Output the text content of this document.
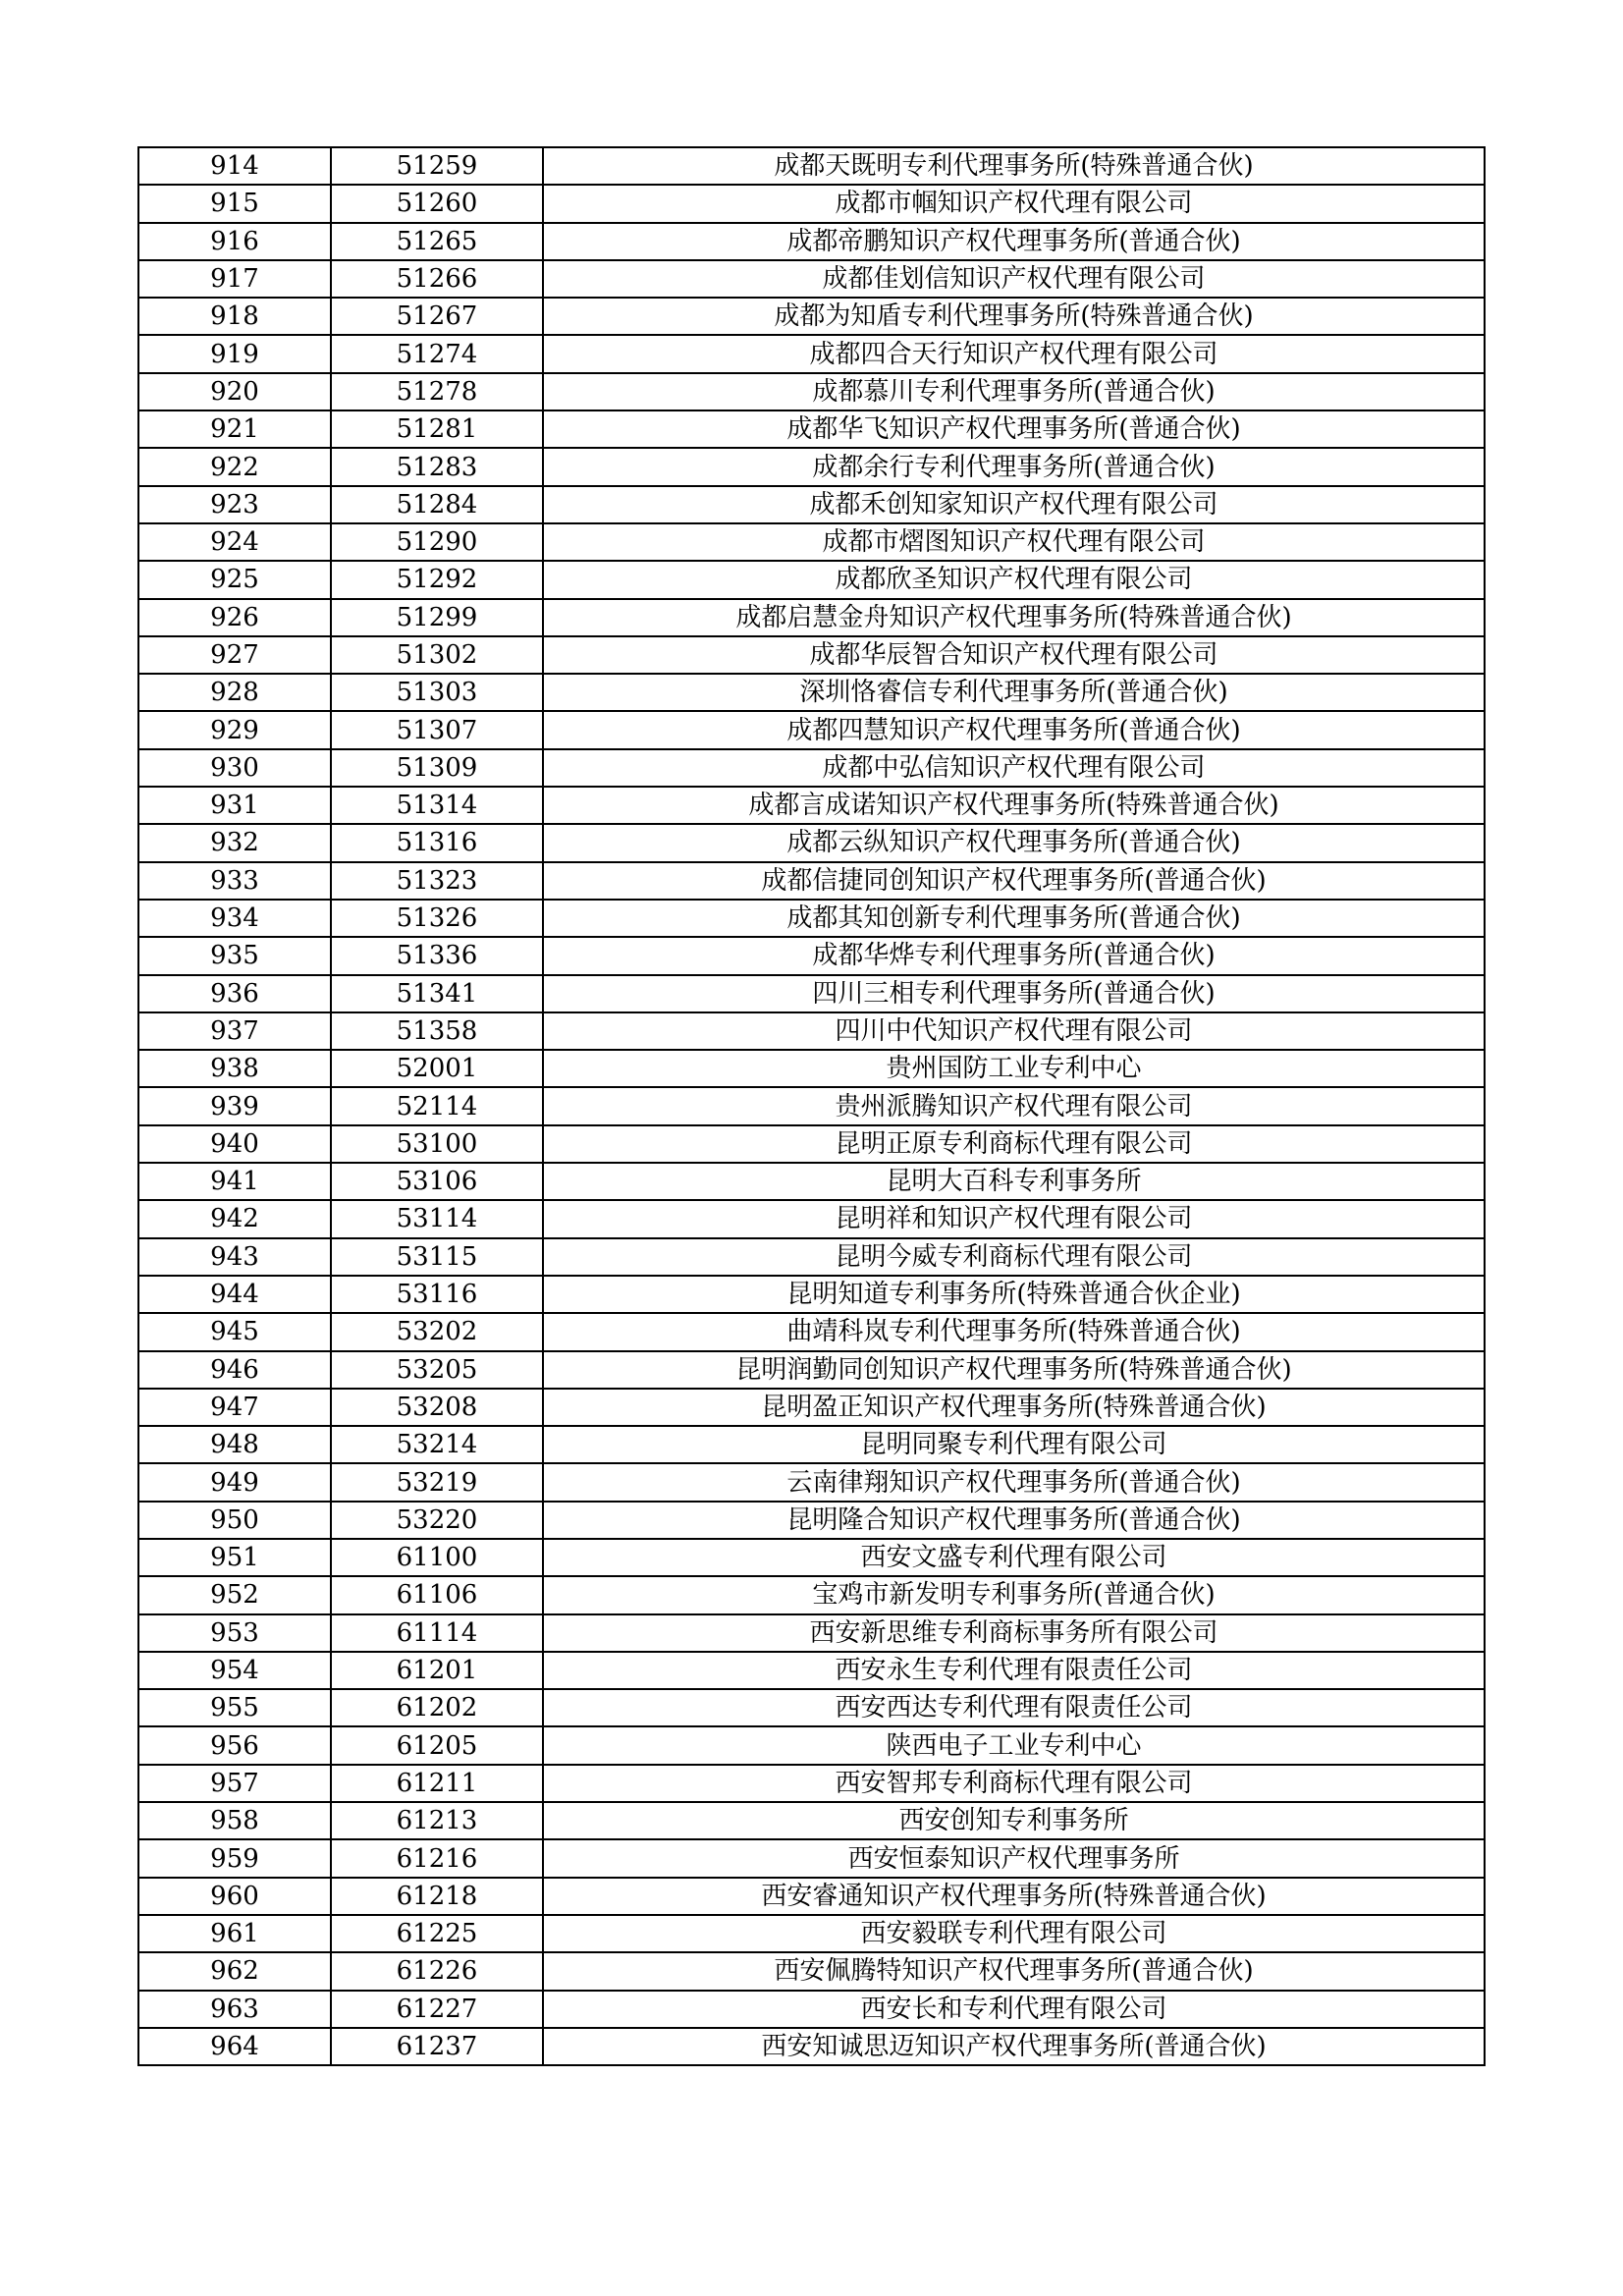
914	51259	成都天既明专利代理事务所(特殊普通合伙)
915	51260	成都市帼知识产权代理有限公司
916	51265	成都帝鹏知识产权代理事务所(普通合伙)
917	51266	成都佳划信知识产权代理有限公司
918	51267	成都为知盾专利代理事务所(特殊普通合伙)
919	51274	成都四合天行知识产权代理有限公司
920	51278	成都慕川专利代理事务所(普通合伙)
921	51281	成都华飞知识产权代理事务所(普通合伙)
922	51283	成都余行专利代理事务所(普通合伙)
923	51284	成都禾创知家知识产权代理有限公司
924	51290	成都市熠图知识产权代理有限公司
925	51292	成都欣圣知识产权代理有限公司
926	51299	成都启慧金舟知识产权代理事务所(特殊普通合伙)
927	51302	成都华辰智合知识产权代理有限公司
928	51303	深圳恪睿信专利代理事务所(普通合伙)
929	51307	成都四慧知识产权代理事务所(普通合伙)
930	51309	成都中弘信知识产权代理有限公司
931	51314	成都言成诺知识产权代理事务所(特殊普通合伙)
932	51316	成都云纵知识产权代理事务所(普通合伙)
933	51323	成都信捷同创知识产权代理事务所(普通合伙)
934	51326	成都其知创新专利代理事务所(普通合伙)
935	51336	成都华烨专利代理事务所(普通合伙)
936	51341	四川三相专利代理事务所(普通合伙)
937	51358	四川中代知识产权代理有限公司
938	52001	贵州国防工业专利中心
939	52114	贵州派腾知识产权代理有限公司
940	53100	昆明正原专利商标代理有限公司
941	53106	昆明大百科专利事务所
942	53114	昆明祥和知识产权代理有限公司
943	53115	昆明今威专利商标代理有限公司
944	53116	昆明知道专利事务所(特殊普通合伙企业)
945	53202	曲靖科岚专利代理事务所(特殊普通合伙)
946	53205	昆明润勤同创知识产权代理事务所(特殊普通合伙)
947	53208	昆明盈正知识产权代理事务所(特殊普通合伙)
948	53214	昆明同聚专利代理有限公司
949	53219	云南律翔知识产权代理事务所(普通合伙)
950	53220	昆明隆合知识产权代理事务所(普通合伙)
951	61100	西安文盛专利代理有限公司
952	61106	宝鸡市新发明专利事务所(普通合伙)
953	61114	西安新思维专利商标事务所有限公司
954	61201	西安永生专利代理有限责任公司
955	61202	西安西达专利代理有限责任公司
956	61205	陕西电子工业专利中心
957	61211	西安智邦专利商标代理有限公司
958	61213	西安创知专利事务所
959	61216	西安恒泰知识产权代理事务所
960	61218	西安睿通知识产权代理事务所(特殊普通合伙)
961	61225	西安毅联专利代理有限公司
962	61226	西安佩腾特知识产权代理事务所(普通合伙)
963	61227	西安长和专利代理有限公司
964	61237	西安知诚思迈知识产权代理事务所(普通合伙)
